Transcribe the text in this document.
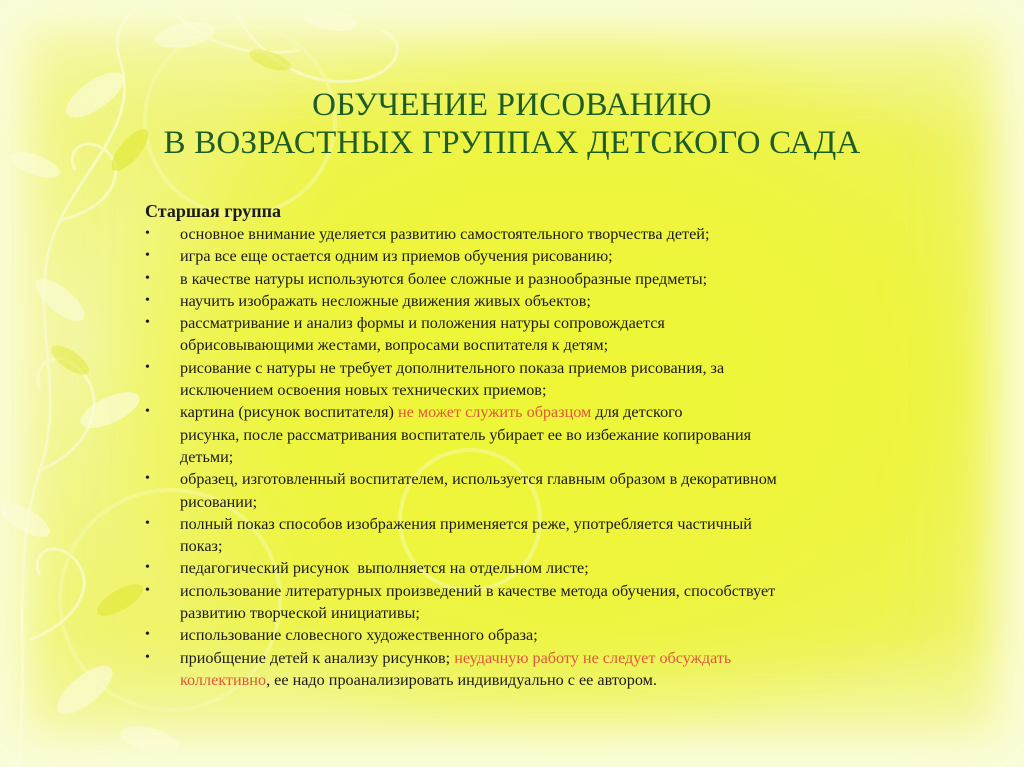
ОБУЧЕНИЕ РИСОВАНИЮ
В ВОЗРАСТНЫХ ГРУППАХ ДЕТСКОГО САДА
Старшая группа
• основное внимание уделяется развитию самостоятельного творчества детей;
• игра все еще остается одним из приемов обучения рисованию;
• в качестве натуры используются более сложные и разнообразные предметы;
• научить изображать несложные движения живых объектов;
• рассматривание и анализ формы и положения натуры сопровождается
обрисовывающими жестами, вопросами воспитателя к детям;
• рисование с натуры не требует дополнительного показа приемов рисования, за
исключением освоения новых технических приемов;
• картина (рисунок воспитателя) не может служить образцом для детского
рисунка, после рассматривания воспитатель убирает ее во избежание копирования
детьми;
• образец, изготовленный воспитателем, используется главным образом в декоративном
рисовании;
• полный показ способов изображения применяется реже, употребляется частичный
показ;
• педагогический рисунок  выполняется на отдельном листе;
• использование литературных произведений в качестве метода обучения, способствует
развитию творческой инициативы;
• использование словесного художественного образа;
• приобщение детей к анализу рисунков; неудачную работу не следует обсуждать
коллективно, ее надо проанализировать индивидуально с ее автором.
